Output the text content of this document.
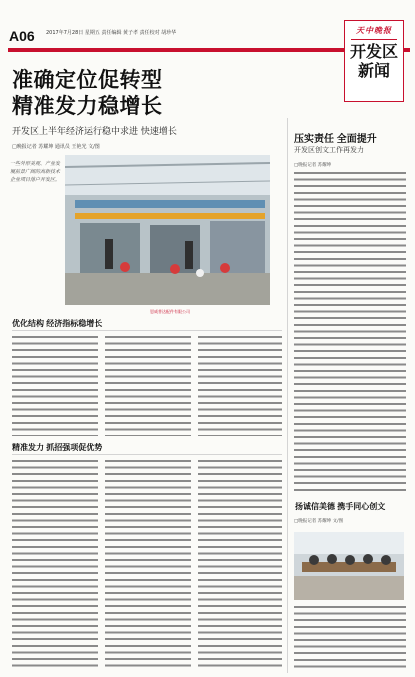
A06 2017年7月28日 星期五 责任编辑 黄子孝 责任校对 胡珍华	天中晚报
开发区
新闻
准确定位促转型
精准发力稳增长
开发区上半年经济运行稳中求进 快速增长
□晚报记者 苏耀坤 通讯员 王艳光 文/图
一些外形美观、产业发展前景广阔的高新技术企业项目落户开发区。
恩威普达配件有限公司
优化结构 经济指标稳增长
精准发力 抓招强项促优势
压实责任 全面提升
开发区创文工作再发力
□晚报记者 苏耀坤
扬诚信美德 携手同心创文
□晚报记者 苏耀坤 文/图
